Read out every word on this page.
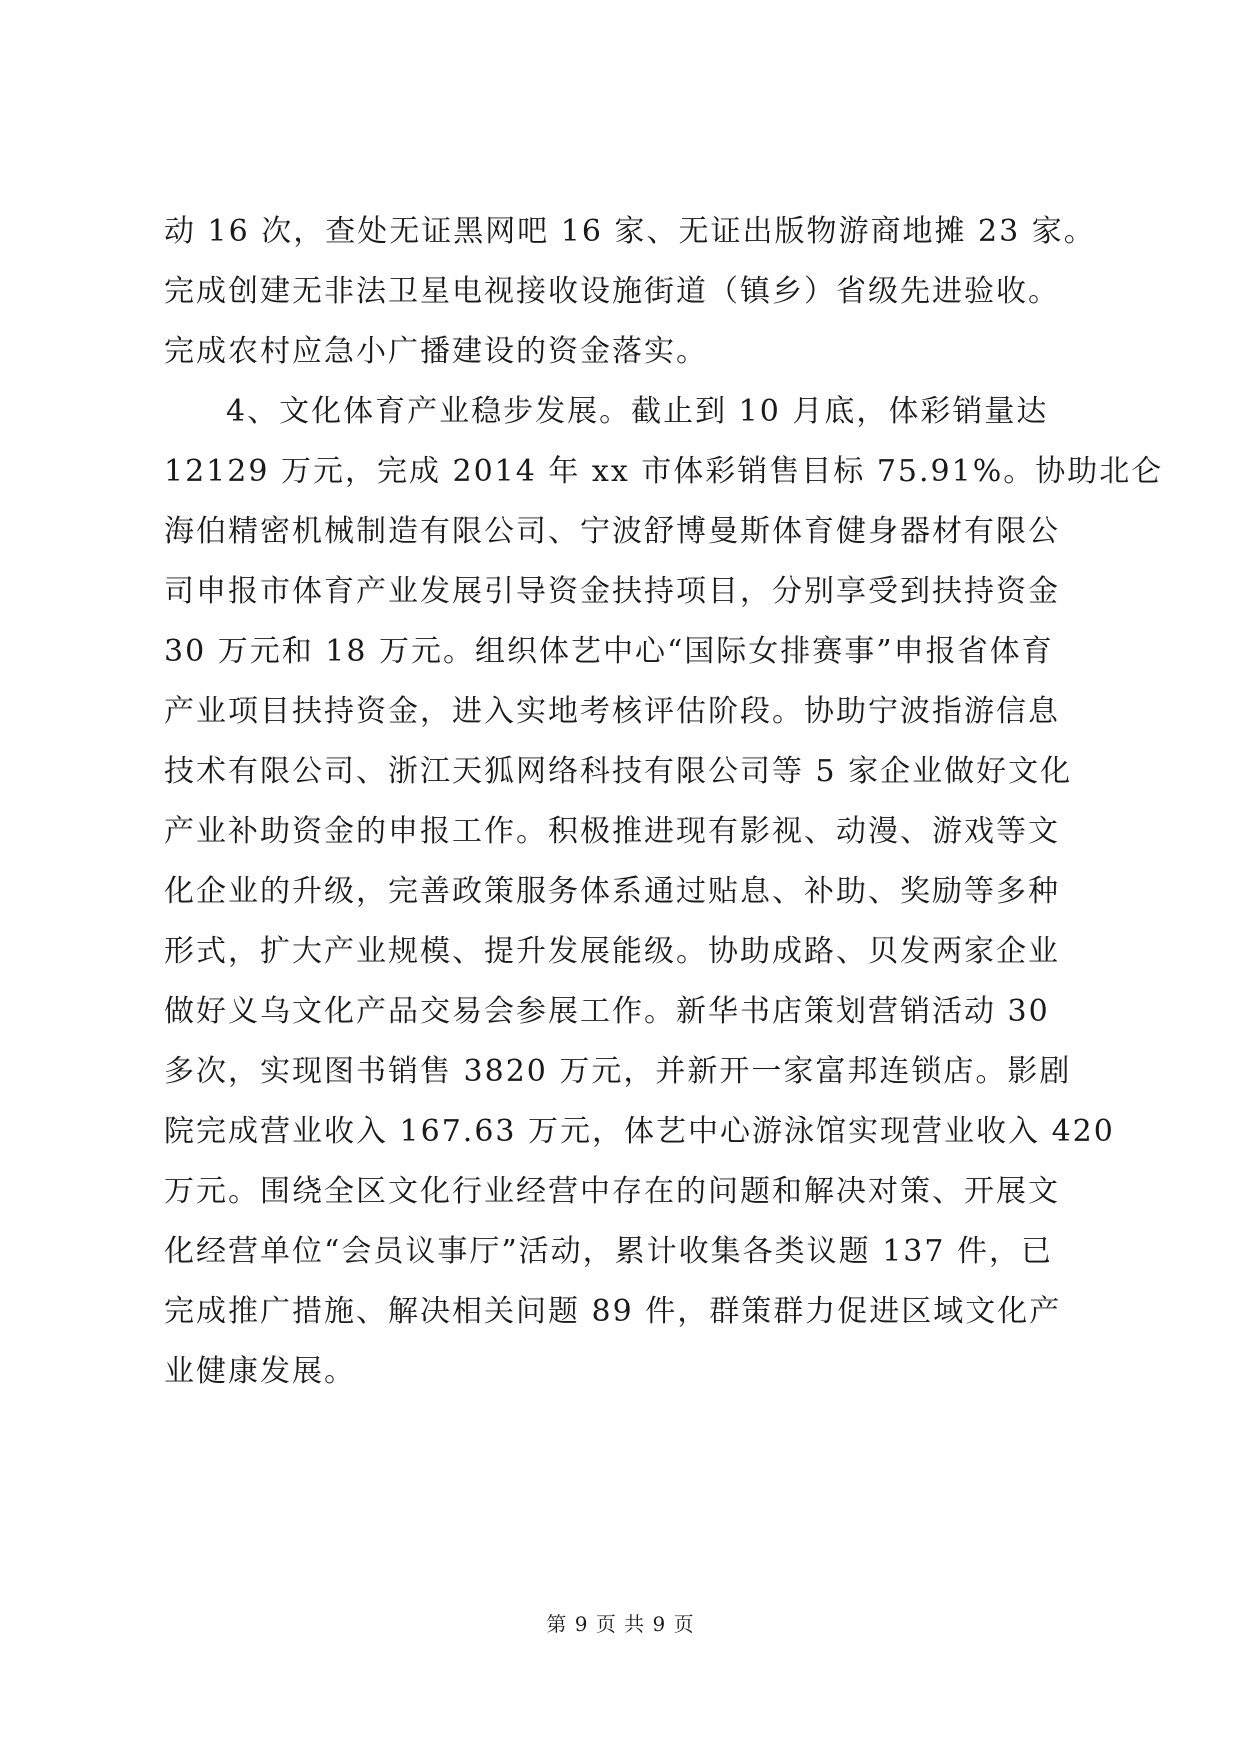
动 16 次，查处无证黑网吧 16 家、无证出版物游商地摊 23 家。
完成创建无非法卫星电视接收设施街道（镇乡）省级先进验收。
完成农村应急小广播建设的资金落实。
4、文化体育产业稳步发展。截止到 10 月底，体彩销量达
12129 万元，完成 2014 年 xx 市体彩销售目标 75.91%。协助北仑
海伯精密机械制造有限公司、宁波舒博曼斯体育健身器材有限公
司申报市体育产业发展引导资金扶持项目，分别享受到扶持资金
30 万元和 18 万元。组织体艺中心“国际女排赛事”申报省体育
产业项目扶持资金，进入实地考核评估阶段。协助宁波指游信息
技术有限公司、浙江天狐网络科技有限公司等 5 家企业做好文化
产业补助资金的申报工作。积极推进现有影视、动漫、游戏等文
化企业的升级，完善政策服务体系通过贴息、补助、奖励等多种
形式，扩大产业规模、提升发展能级。协助成路、贝发两家企业
做好义乌文化产品交易会参展工作。新华书店策划营销活动 30
多次，实现图书销售 3820 万元，并新开一家富邦连锁店。影剧
院完成营业收入 167.63 万元，体艺中心游泳馆实现营业收入 420
万元。围绕全区文化行业经营中存在的问题和解决对策、开展文
化经营单位“会员议事厅”活动，累计收集各类议题 137 件，已
完成推广措施、解决相关问题 89 件，群策群力促进区域文化产
业健康发展。
第 9 页 共 9 页
